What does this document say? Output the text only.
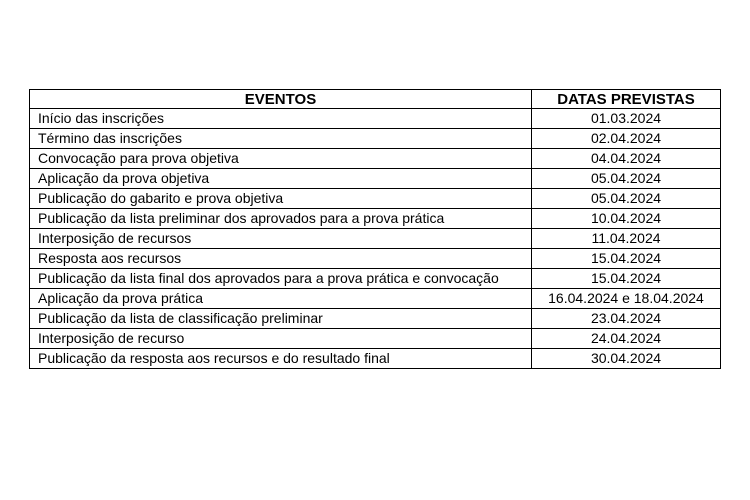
EVENTOS	DATAS PREVISTAS
Início das inscrições	01.03.2024
Término das inscrições	02.04.2024
Convocação para prova objetiva	04.04.2024
Aplicação da prova objetiva	05.04.2024
Publicação do gabarito e prova objetiva	05.04.2024
Publicação da lista preliminar dos aprovados para a prova prática	10.04.2024
Interposição de recursos	11.04.2024
Resposta aos recursos	15.04.2024
Publicação da lista final dos aprovados para a prova prática e convocação	15.04.2024
Aplicação da prova prática	16.04.2024 e 18.04.2024
Publicação da lista de classificação preliminar	23.04.2024
Interposição de recurso	24.04.2024
Publicação da resposta aos recursos e do resultado final	30.04.2024
